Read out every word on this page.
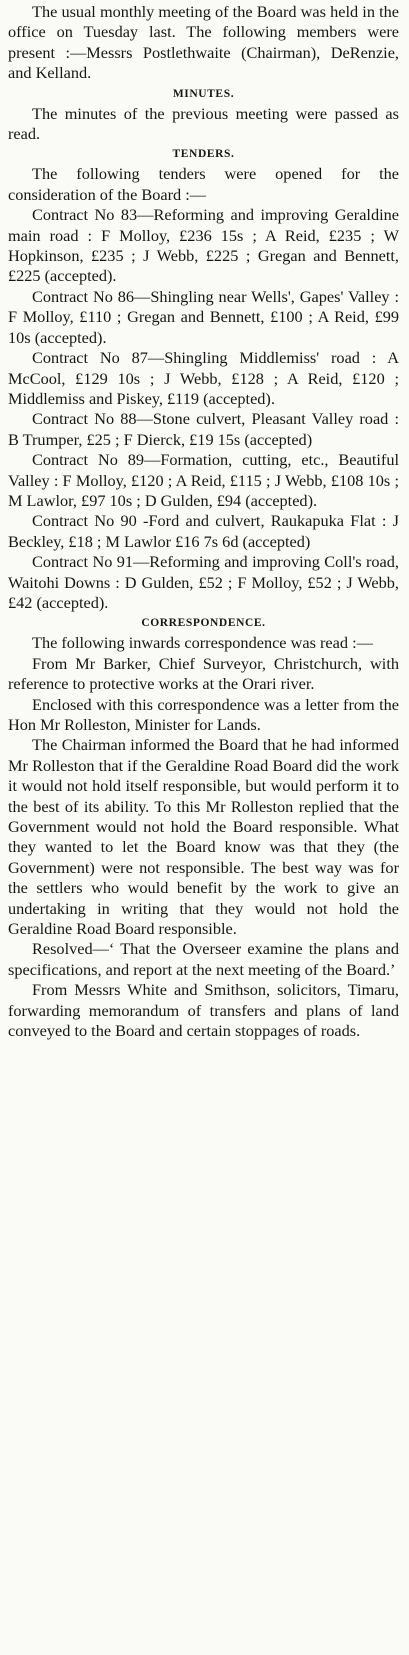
The usual monthly meeting of the Board was held in the office on Tuesday last. The following members were present :—Messrs Postlethwaite (Chairman), DeRenzie, and Kelland.

MINUTES.

The minutes of the previous meeting were passed as read.

TENDERS.

The following tenders were opened for the consideration of the Board :—

Contract No 83—Reforming and improving Geraldine main road : F Molloy, £236 15s ; A Reid, £235 ; W Hopkinson, £235 ; J Webb, £225 ; Gregan and Bennett, £225 (accepted).

Contract No 86—Shingling near Wells', Gapes' Valley : F Molloy, £110 ; Gregan and Bennett, £100 ; A Reid, £99 10s (accepted).

Contract No 87—Shingling Middlemiss' road : A McCool, £129 10s ; J Webb, £128 ; A Reid, £120 ; Middlemiss and Piskey, £119 (accepted).

Contract No 88—Stone culvert, Pleasant Valley road : B Trumper, £25 ; F Dierck, £19 15s (accepted)

Contract No 89—Formation, cutting, etc., Beautiful Valley : F Molloy, £120 ; A Reid, £115 ; J Webb, £108 10s ; M Lawlor, £97 10s ; D Gulden, £94 (accepted).

Contract No 90 -Ford and culvert, Raukapuka Flat : J Beckley, £18 ; M Lawlor £16 7s 6d (accepted)

Contract No 91—Reforming and improving Coll's road, Waitohi Downs : D Gulden, £52 ; F Molloy, £52 ; J Webb, £42 (accepted).

CORRESPONDENCE.

The following inwards correspondence was read :—

From Mr Barker, Chief Surveyor, Christchurch, with reference to protective works at the Orari river.

Enclosed with this correspondence was a letter from the Hon Mr Rolleston, Minister for Lands.

The Chairman informed the Board that he had informed Mr Rolleston that if the Geraldine Road Board did the work it would not hold itself responsible, but would perform it to the best of its ability. To this Mr Rolleston replied that the Government would not hold the Board responsible. What they wanted to let the Board know was that they (the Government) were not responsible. The best way was for the settlers who would benefit by the work to give an undertaking in writing that they would not hold the Geraldine Road Board responsible.

Resolved—‘ That the Overseer examine the plans and specifications, and report at the next meeting of the Board.’

From Messrs White and Smithson, solicitors, Timaru, forwarding memorandum of transfers and plans of land conveyed to the Board and certain stoppages of roads.
